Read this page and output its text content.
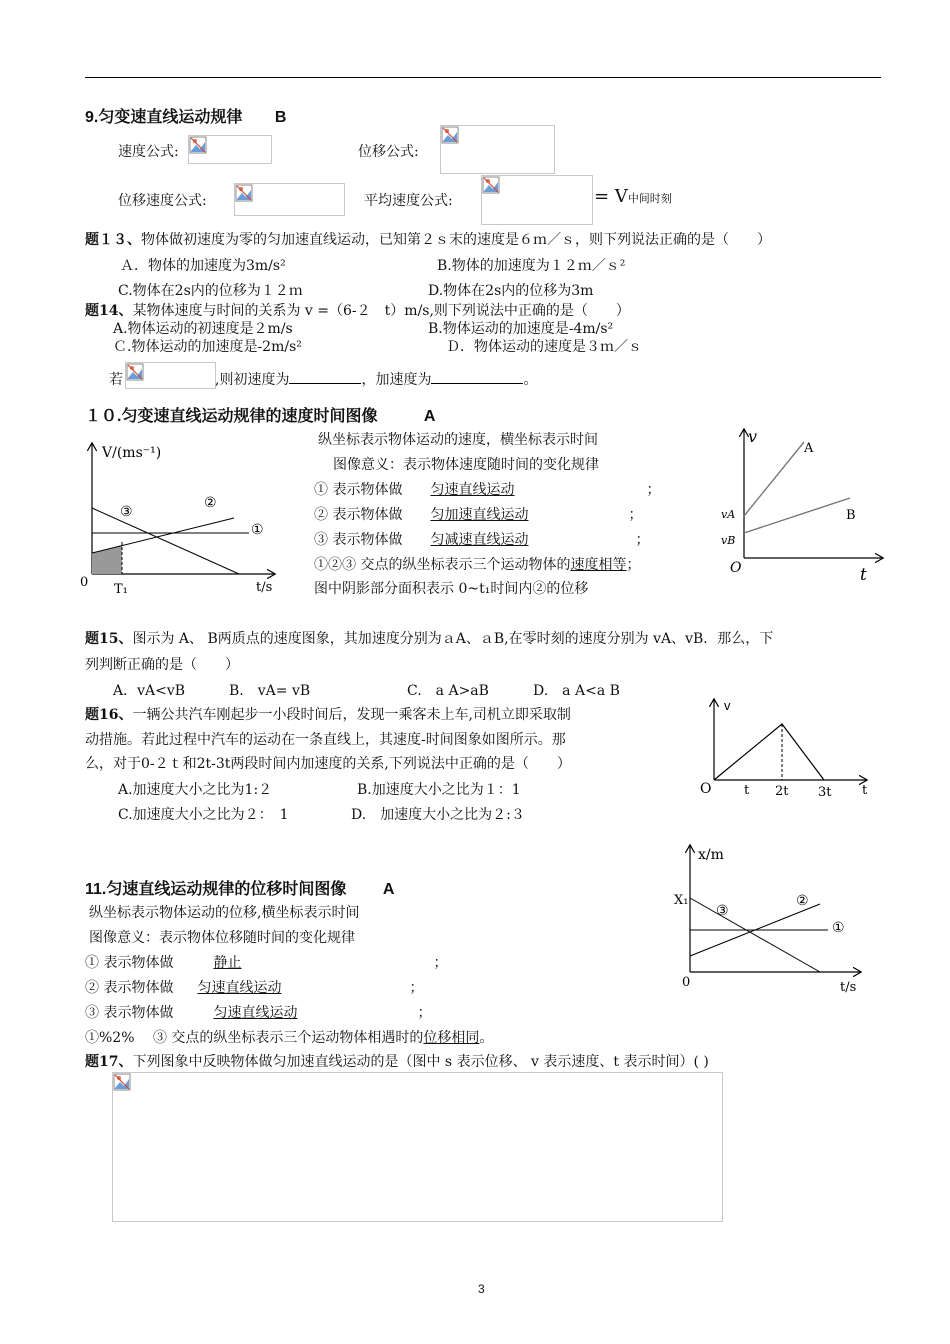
9.匀变速直线运动规律 B
速度公式:	位移公式:
位移速度公式:	平均速度公式:	= V中间时刻
题１３、物体做初速度为零的匀加速直线运动，已知第２ｓ末的速度是６ｍ／ｓ，则下列说法正确的是（　　）
Ａ．物体的加速度为3m/s²	B.物体的加速度为１２ｍ／ｓ²
C.物体在2s内的位移为１２ｍ	D.物体在2s内的位移为3m
题14、某物体速度与时间的关系为 v =（6-２　t）m/s,则下列说法中正确的是（　　）
A.物体运动的初速度是２m/s	B.物体运动的加速度是-4m/s²
Ｃ.物体运动的加速度是-2m/s²	Ｄ．物体运动的速度是３ｍ／ｓ
若	,则初速度为	，加速度为	。
１０.匀变速直线运动规律的速度时间图像	A
V/(ms⁻¹)
t/s
0 T₁
①
②
③
纵坐标表示物体运动的速度，横坐标表示时间
图像意义：表示物体速度随时间的变化规律
① 表示物体做 匀速直线运动	；
② 表示物体做 匀加速直线运动	；
③ 表示物体做 匀减速直线运动	；
①②③ 交点的纵坐标表示三个运动物体的速度相等；
图中阴影部分面积表示 0~t₁时间内②的位移
v
t
O
A
B
vA
vB
题15、图示为 A、 B两质点的速度图象，其加速度分别为ａA、ａB,在零时刻的速度分别为 vA、vB．那么，下
列判断正确的是（　　）
A．vA<vB	B.　vA= vB	C.　a A>aB	D.　a A<a B
题16、一辆公共汽车刚起步一小段时间后，发现一乘客未上车,司机立即采取制
动措施。若此过程中汽车的运动在一条直线上，其速度-时间图象如图所示。那
么，对于0-２ｔ和2t-3t两段时间内加速度的关系,下列说法中正确的是（　　）
A.加速度大小之比为1:２	B.加速度大小之比为１：1
C.加速度大小之比为２：　1	D.　加速度大小之比为２:３
v
O	t 2t 3t t
11.匀速直线运动规律的位移时间图像 A
纵坐标表示物体运动的位移,横坐标表示时间
图像意义：表示物体位移随时间的变化规律
① 表示物体做	静止	；
② 表示物体做 匀速直线运动	；
③ 表示物体做	匀速直线运动	；
①%2%　 ③ 交点的纵坐标表示三个运动物体相遇时的位移相同。
x/m
t/s
0
X₁
①
②
③
题17、下列图象中反映物体做匀加速直线运动的是（图中 s 表示位移、 v 表示速度、t 表示时间）( )
3
